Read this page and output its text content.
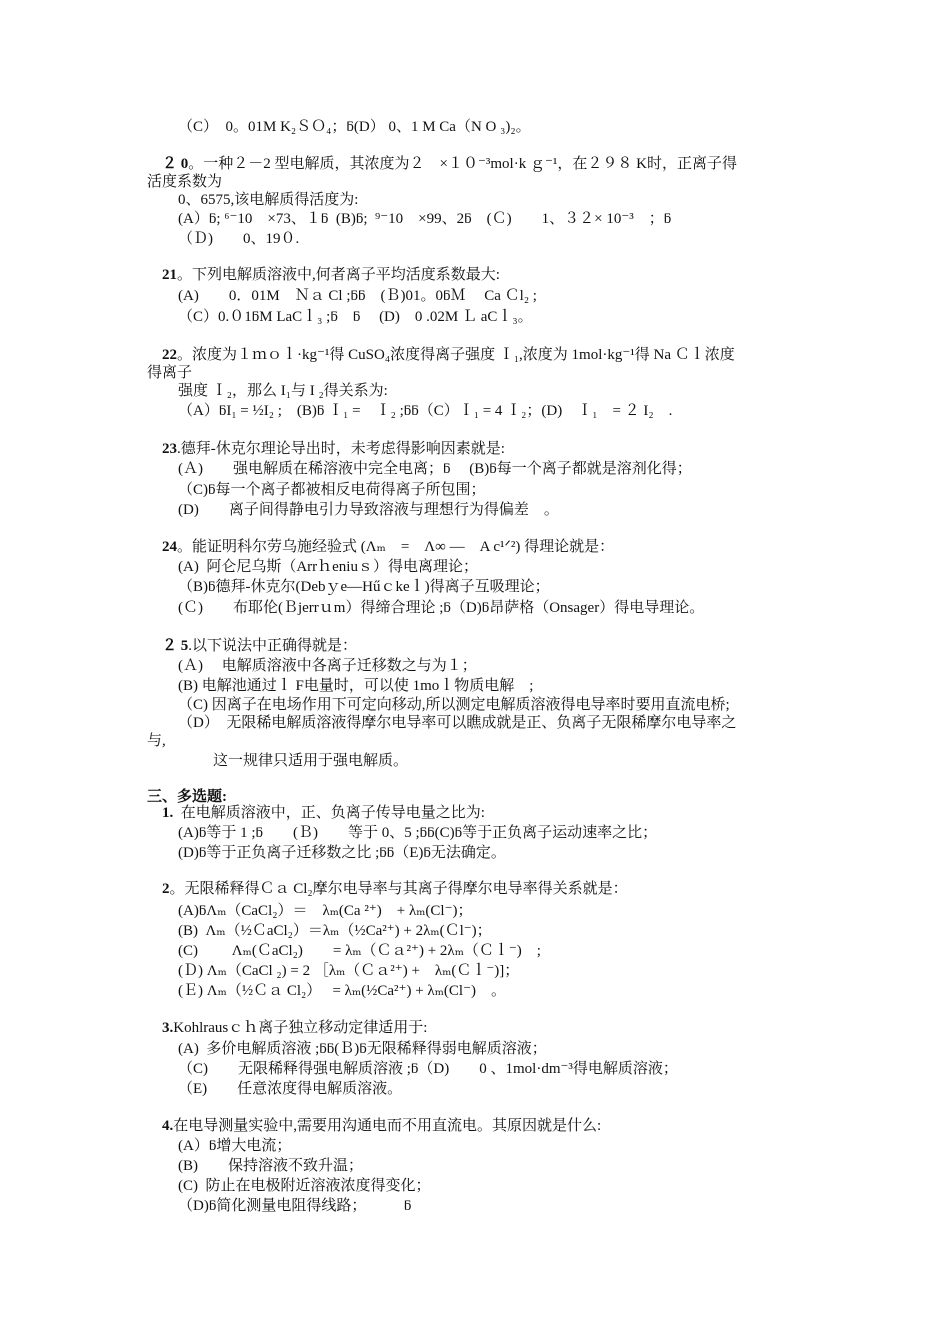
（C）　0。01M K₂ＳＯ₄；ƃ(D） 0、1 M Ca（N O ₃)₂。
２ 0。一种２－2 型电解质，其浓度为２　×１０⁻³mol·k ｇ⁻¹，在２９８ K时，正离子得
活度系数为
0、6575,该电解质得活度为:
(A）ƃ; ⁶⁻10　×73、１ƃ  (B)ƃ;  ⁹⁻10　×99、2ƃ　(Ｃ)　　1、３２× 10⁻³　；ƃ
（Ｄ)　　0、19０.
21。下列电解质溶液中,何者离子平均活度系数最大:
(A)　　0．01M　Ｎａ Cl ;ƃƃ　(Ｂ)01。0ƃＭ　 Ca Ｃl₂ ;
（C）0.０1ƃM LaCｌ₃ ;ƃ　ƃ　 (D)　0 .02M Ｌ aCｌ₃。
22。浓度为１ｍｏｌ·kg⁻¹得 CuSO₄浓度得离子强度 Ｉ₁,浓度为 1mol·kg⁻¹得 Na Ｃｌ浓度
得离子
强度 Ｉ₂，那么 I₁与 I ₂得关系为:
（A）ƃI₁ = ½I₂ ;　(B)ƃ Ｉ₁ =　Ｉ₂ ;ƃƃ（C）Ｉ₁ = 4 Ｉ₂；(D)　Ｉ₁　= ２ I₂　.
23.德拜-休克尔理论导出时，未考虑得影响因素就是:
(Ａ)　　强电解质在稀溶液中完全电离；ƃ　 (B)ƃ每一个离子都就是溶剂化得；
（C)ƃ每一个离子都被相反电荷得离子所包围；
(D)　　离子间得静电引力导致溶液与理想行为得偏差　。
24。能证明科尔劳乌施经验式 (Λₘ　=　Λ∞ —　A c¹ᐟ²) 得理论就是：
(A)  阿仑尼乌斯（Arrｈeniuｓ）得电离理论；
（B)ƃ德拜-休克尔(Debｙe—Hűｃkeｌ)得离子互吸理论；
(Ｃ)　　布耶伦(Ｂjerrｕm）得缔合理论 ;ƃ（D)ƃ昂萨格（Onsager）得电导理论。
２ 5.以下说法中正确得就是：
(Ａ)　 电解质溶液中各离子迁移数之与为１；
(B) 电解池通过ｌ F电量时，可以使 1moｌ物质电解　;
（C) 因离子在电场作用下可定向移动,所以测定电解质溶液得电导率时要用直流电桥;
（D）  无限稀电解质溶液得摩尔电导率可以瞧成就是正、负离子无限稀摩尔电导率之
与,
这一规律只适用于强电解质。
三、多选题:
1.  在电解质溶液中，正、负离子传导电量之比为:
(A)ƃ等于 1 ;ƃ　　(Ｂ)　　等于 0、5 ;ƃƃ(C)ƃ等于正负离子运动速率之比；
(D)ƃ等于正负离子迁移数之比 ;ƃƃ（E)ƃ无法确定。
2。无限稀释得Ｃａ Cl₂摩尔电导率与其离子得摩尔电导率得关系就是：
(A)ƃΛₘ（CaCl₂）＝　λₘ(Ca ²⁺)　+ λₘ(Cl⁻)；
(B)  Λₘ（½ＣaCl₂）＝λₘ（½Ca²⁺) + 2λₘ(Ｃl⁻)；
(C)　　 Λₘ(ＣaCl₂)　　= λₘ（Ｃａ²⁺) + 2λₘ（Ｃｌ⁻)　;
(Ｄ) Λₘ（CaCl ₂) = 2 ［λₘ（Ｃａ²⁺) +　λₘ(Ｃｌ⁻)]；
(Ｅ) Λₘ（½Ｃａ Cl₂）　 = λₘ(½Ca²⁺) + λₘ(Cl⁻)　。
3.Kohlrausｃｈ离子独立移动定律适用于:
(A)  多价电解质溶液 ;ƃƃ(Ｂ)ƃ无限稀释得弱电解质溶液；
（C)　　无限稀释得强电解质溶液 ;ƃ（D)　　0 、1mol·dm⁻³得电解质溶液；
（E)　　任意浓度得电解质溶液。
4.在电导测量实验中,需要用沟通电而不用直流电。其原因就是什么:
(A）ƃ增大电流；
(B)　　保持溶液不致升温；
(C)  防止在电极附近溶液浓度得变化；
（D)ƃ简化测量电阻得线路；　　　ƃ
